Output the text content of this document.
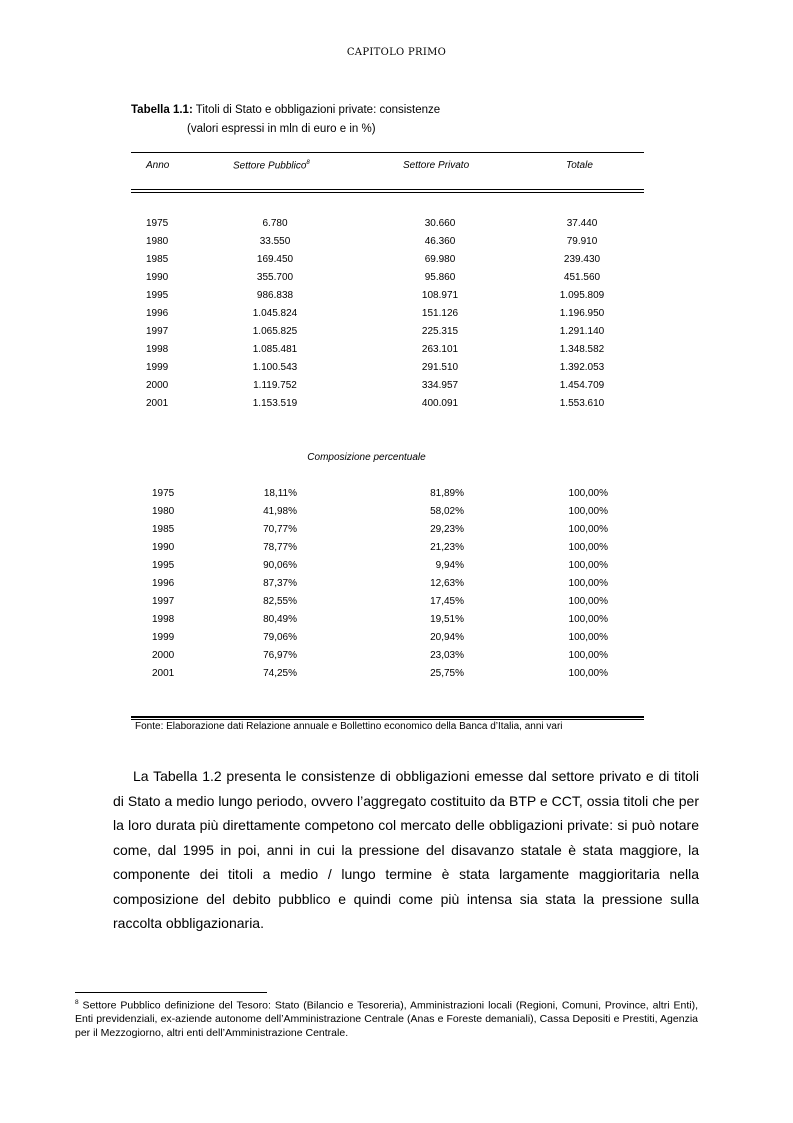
CAPITOLO PRIMO
Tabella 1.1: Titoli di Stato e obbligazioni private: consistenze
(valori espressi in mln di euro e in %)
Anno	Settore Pubblico$^8$	Settore Privato	Totale
1975	6.780	30.660	37.440
1980	33.550	46.360	79.910
1985	169.450	69.980	239.430
1990	355.700	95.860	451.560
1995	986.838	108.971	1.095.809
1996	1.045.824	151.126	1.196.950
1997	1.065.825	225.315	1.291.140
1998	1.085.481	263.101	1.348.582
1999	1.100.543	291.510	1.392.053
2000	1.119.752	334.957	1.454.709
2001	1.153.519	400.091	1.553.610
Composizione percentuale
1975	18,11%	81,89%	100,00%
1980	41,98%	58,02%	100,00%
1985	70,77%	29,23%	100,00%
1990	78,77%	21,23%	100,00%
1995	90,06%	9,94%	100,00%
1996	87,37%	12,63%	100,00%
1997	82,55%	17,45%	100,00%
1998	80,49%	19,51%	100,00%
1999	79,06%	20,94%	100,00%
2000	76,97%	23,03%	100,00%
2001	74,25%	25,75%	100,00%
Fonte: Elaborazione dati Relazione annuale e Bollettino economico della Banca d’Italia, anni vari
La Tabella 1.2 presenta le consistenze di obbligazioni emesse dal settore privato e di titoli di Stato a medio lungo periodo, ovvero l’aggregato costituito da BTP e CCT, ossia titoli che per la loro durata più direttamente competono col mercato delle obbligazioni private: si può notare come, dal 1995 in poi, anni in cui la pressione del disavanzo statale è stata maggiore, la componente dei titoli a medio / lungo termine è stata largamente maggioritaria nella composizione del debito pubblico e quindi come più intensa sia stata la pressione sulla raccolta obbligazionaria.
$^8$ Settore Pubblico definizione del Tesoro: Stato (Bilancio e Tesoreria), Amministrazioni locali (Regioni, Comuni, Province, altri Enti), Enti previdenziali, ex-aziende autonome dell’Amministrazione Centrale (Anas e Foreste demaniali), Cassa Depositi e Prestiti, Agenzia per il Mezzogiorno, altri enti dell’Amministrazione Centrale.
